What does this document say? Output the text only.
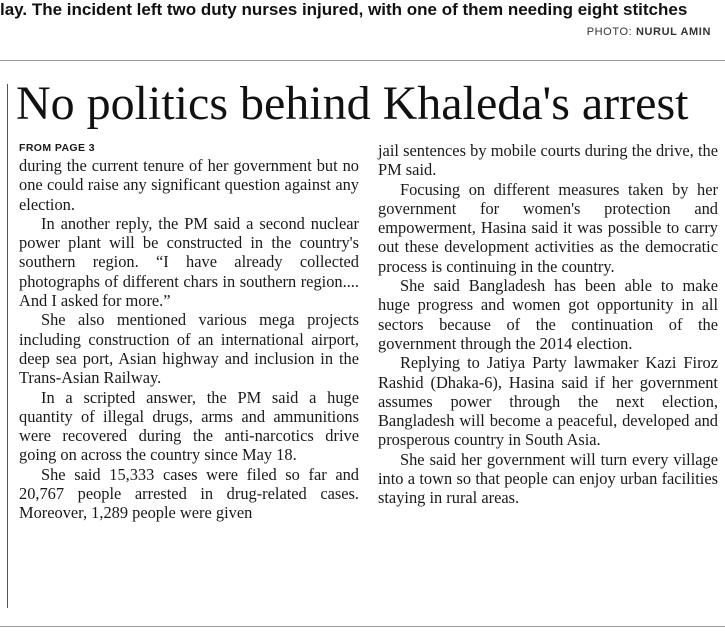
lay. The incident left two duty nurses injured, with one of them needing eight stitches
PHOTO: NURUL AMIN
No politics behind Khaleda's arrest
FROM PAGE 3

during the current tenure of her government but no one could raise any significant question against any election.

In another reply, the PM said a second nuclear power plant will be constructed in the country's southern region. “I have already collected photographs of different chars in southern region.... And I asked for more.”

She also mentioned various mega projects including construction of an international airport, deep sea port, Asian highway and inclusion in the Trans-Asian Railway.

In a scripted answer, the PM said a huge quantity of illegal drugs, arms and ammunitions were recovered during the anti-narcotics drive going on across the country since May 18.

She said 15,333 cases were filed so far and 20,767 people arrested in drug-related cases. Moreover, 1,289 people were given

jail sentences by mobile courts during the drive, the PM said.

Focusing on different measures taken by her government for women's protection and empowerment, Hasina said it was possible to carry out these development activities as the democratic process is continuing in the country.

She said Bangladesh has been able to make huge progress and women got opportunity in all sectors because of the continuation of the government through the 2014 election.

Replying to Jatiya Party lawmaker Kazi Firoz Rashid (Dhaka-6), Hasina said if her government assumes power through the next election, Bangladesh will become a peaceful, developed and prosperous country in South Asia.

She said her government will turn every village into a town so that people can enjoy urban facilities staying in rural areas.
